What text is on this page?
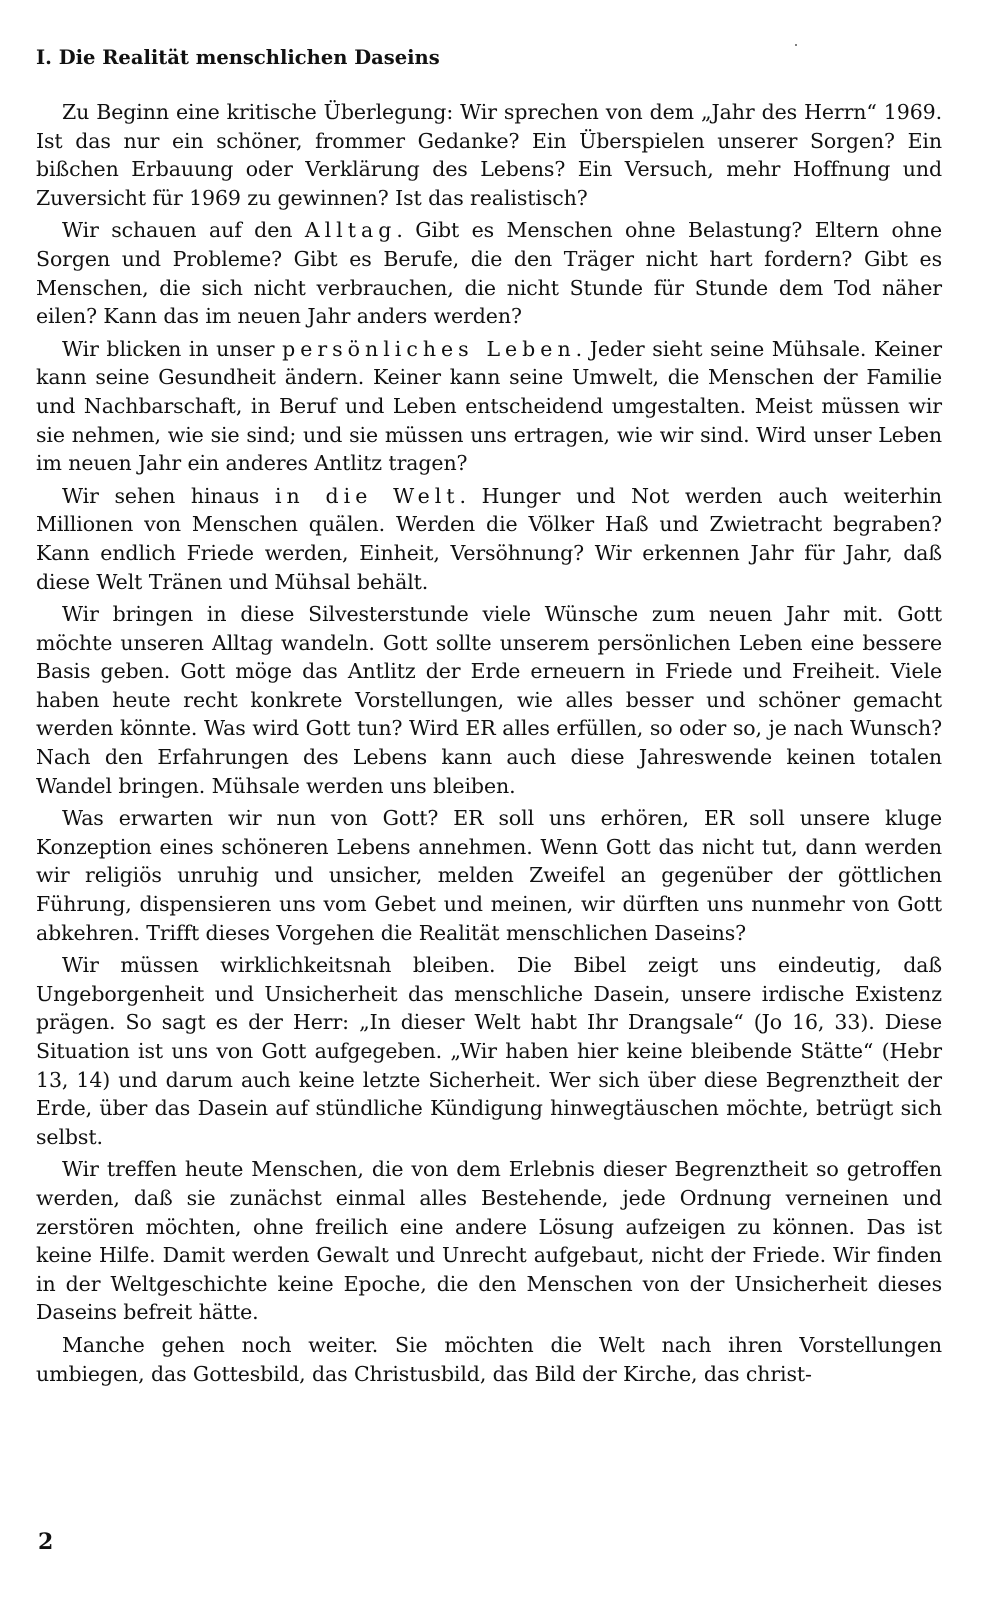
I. Die Realität menschlichen Daseins

Zu Beginn eine kritische Überlegung: Wir sprechen von dem „Jahr des Herrn“ 1969. Ist das nur ein schöner, frommer Gedanke? Ein Überspielen unserer Sorgen? Ein bißchen Erbauung oder Verklärung des Lebens? Ein Versuch, mehr Hoffnung und Zuversicht für 1969 zu gewinnen? Ist das realistisch?

Wir schauen auf den Alltag. Gibt es Menschen ohne Belastung? Eltern ohne Sorgen und Probleme? Gibt es Berufe, die den Träger nicht hart fordern? Gibt es Menschen, die sich nicht verbrauchen, die nicht Stunde für Stunde dem Tod näher eilen? Kann das im neuen Jahr anders werden?

Wir blicken in unser persönliches Leben. Jeder sieht seine Mühsale. Keiner kann seine Gesundheit ändern. Keiner kann seine Umwelt, die Menschen der Familie und Nachbarschaft, in Beruf und Leben entscheidend umgestalten. Meist müssen wir sie nehmen, wie sie sind; und sie müssen uns ertragen, wie wir sind. Wird unser Leben im neuen Jahr ein anderes Antlitz tragen?

Wir sehen hinaus in die Welt. Hunger und Not werden auch weiterhin Millionen von Menschen quälen. Werden die Völker Haß und Zwietracht begraben? Kann endlich Friede werden, Einheit, Versöhnung? Wir erkennen Jahr für Jahr, daß diese Welt Tränen und Mühsal behält.

Wir bringen in diese Silvesterstunde viele Wünsche zum neuen Jahr mit. Gott möchte unseren Alltag wandeln. Gott sollte unserem persönlichen Leben eine bessere Basis geben. Gott möge das Antlitz der Erde erneuern in Friede und Freiheit. Viele haben heute recht konkrete Vorstellungen, wie alles besser und schöner gemacht werden könnte. Was wird Gott tun? Wird ER alles erfüllen, so oder so, je nach Wunsch? Nach den Erfahrungen des Lebens kann auch diese Jahreswende keinen totalen Wandel bringen. Mühsale werden uns bleiben.

Was erwarten wir nun von Gott? ER soll uns erhören, ER soll unsere kluge Konzeption eines schöneren Lebens annehmen. Wenn Gott das nicht tut, dann werden wir religiös unruhig und unsicher, melden Zweifel an gegenüber der göttlichen Führung, dispensieren uns vom Gebet und meinen, wir dürften uns nunmehr von Gott abkehren. Trifft dieses Vorgehen die Realität menschlichen Daseins?

Wir müssen wirklichkeitsnah bleiben. Die Bibel zeigt uns eindeutig, daß Ungeborgenheit und Unsicherheit das menschliche Dasein, unsere irdische Existenz prägen. So sagt es der Herr: „In dieser Welt habt Ihr Drangsale“ (Jo 16, 33). Diese Situation ist uns von Gott aufgegeben. „Wir haben hier keine bleibende Stätte“ (Hebr 13, 14) und darum auch keine letzte Sicherheit. Wer sich über diese Begrenztheit der Erde, über das Dasein auf stündliche Kündigung hinwegtäuschen möchte, betrügt sich selbst.

Wir treffen heute Menschen, die von dem Erlebnis dieser Begrenztheit so getroffen werden, daß sie zunächst einmal alles Bestehende, jede Ordnung verneinen und zerstören möchten, ohne freilich eine andere Lösung aufzeigen zu können. Das ist keine Hilfe. Damit werden Gewalt und Unrecht aufgebaut, nicht der Friede. Wir finden in der Weltgeschichte keine Epoche, die den Menschen von der Unsicherheit dieses Daseins befreit hätte.

Manche gehen noch weiter. Sie möchten die Welt nach ihren Vorstellungen umbiegen, das Gottesbild, das Christusbild, das Bild der Kirche, das christ-

2
